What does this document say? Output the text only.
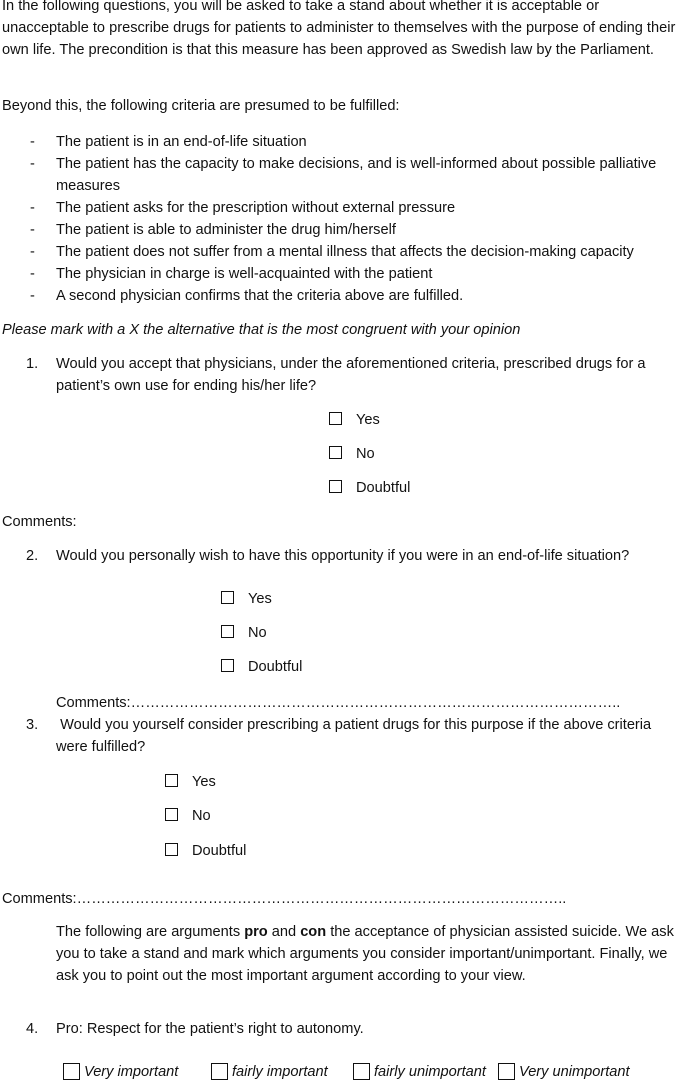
In the following questions, you will be asked to take a stand about whether it is acceptable or unacceptable to prescribe drugs for patients to administer to themselves with the purpose of ending their own life. The precondition is that this measure has been approved as Swedish law by the Parliament.
Beyond this, the following criteria are presumed to be fulfilled:
- The patient is in an end-of-life situation
- The patient has the capacity to make decisions, and is well-informed about possible palliative measures
- The patient asks for the prescription without external pressure
- The patient is able to administer the drug him/herself
- The patient does not suffer from a mental illness that affects the decision-making capacity
- The physician in charge is well-acquainted with the patient
- A second physician confirms that the criteria above are fulfilled.
Please mark with a X the alternative that is the most congruent with your opinion
1. Would you accept that physicians, under the aforementioned criteria, prescribed drugs for a patient’s own use for ending his/her life?
Yes
No
Doubtful
Comments:
2. Would you personally wish to have this opportunity if you were in an end-of-life situation?
Yes
No
Doubtful
Comments:………………………………………………………………………………………..
3. Would you yourself consider prescribing a patient drugs for this purpose if the above criteria were fulfilled?
Yes
No
Doubtful
Comments:………………………………………………………………………………………..
The following are arguments pro and con the acceptance of physician assisted suicide. We ask you to take a stand and mark which arguments you consider important/unimportant. Finally, we ask you to point out the most important argument according to your view.
4. Pro: Respect for the patient’s right to autonomy.
Very important	fairly important	fairly unimportant Very unimportant
